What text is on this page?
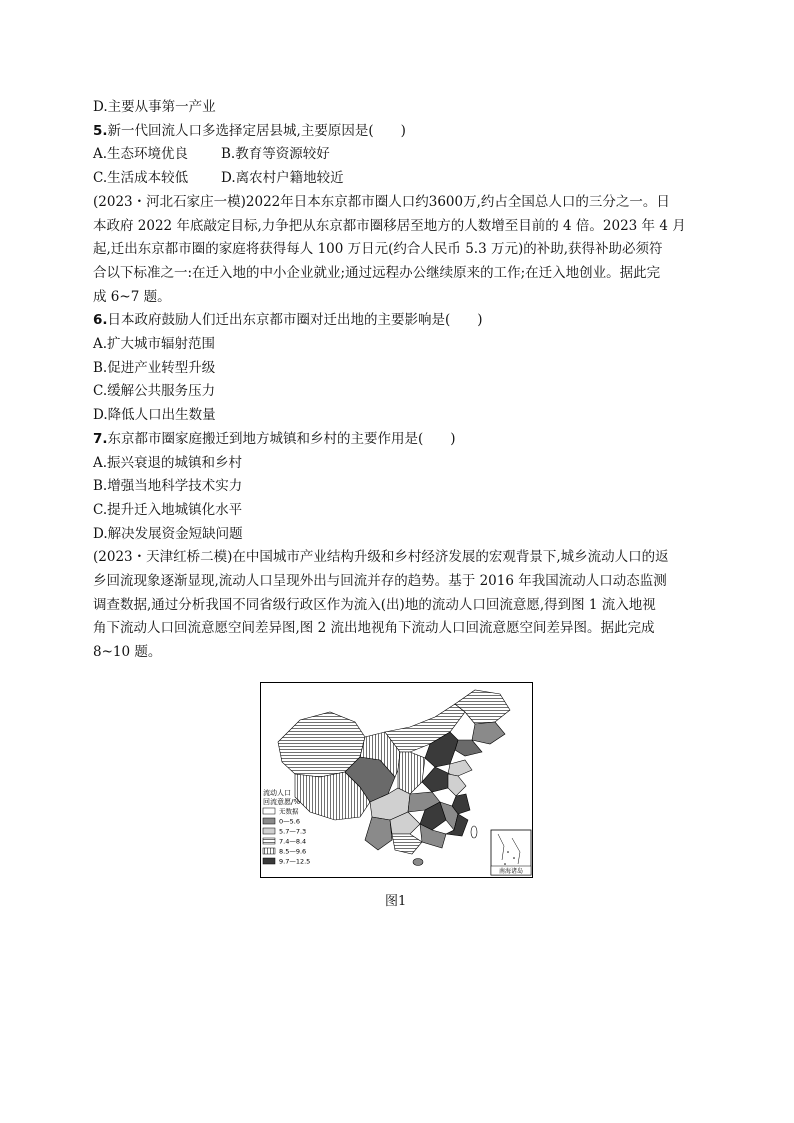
D.主要从事第一产业
5.新一代回流人口多选择定居县城,主要原因是(　　)
A.生态环境优良	B.教育等资源较好
C.生活成本较低	D.离农村户籍地较近
(2023・河北石家庄一模)2022年日本东京都市圈人口约3600万,约占全国总人口的三分之一。日
本政府 2022 年底敲定目标,力争把从东京都市圈移居至地方的人数增至目前的 4 倍。2023 年 4 月
起,迁出东京都市圈的家庭将获得每人 100 万日元(约合人民币 5.3 万元)的补助,获得补助必须符
合以下标准之一:在迁入地的中小企业就业;通过远程办公继续原来的工作;在迁入地创业。据此完
成 6~7 题。
6.日本政府鼓励人们迁出东京都市圈对迁出地的主要影响是(　　)
A.扩大城市辐射范围
B.促进产业转型升级
C.缓解公共服务压力
D.降低人口出生数量
7.东京都市圈家庭搬迁到地方城镇和乡村的主要作用是(　　)
A.振兴衰退的城镇和乡村
B.增强当地科学技术实力
C.提升迁入地城镇化水平
D.解决发展资金短缺问题
(2023・天津红桥二模)在中国城市产业结构升级和乡村经济发展的宏观背景下,城乡流动人口的返
乡回流现象逐渐显现,流动人口呈现外出与回流并存的趋势。基于 2016 年我国流动人口动态监测
调查数据,通过分析我国不同省级行政区作为流入(出)地的流动人口回流意愿,得到图 1 流入地视
角下流动人口回流意愿空间差异图,图 2 流出地视角下流动人口回流意愿空间差异图。据此完成
8~10 题。
南海诸岛
流动人口
回流意愿/%
无数据
0—5.6
5.7—7.3
7.4—8.4
8.5—9.6
9.7—12.5
图1
